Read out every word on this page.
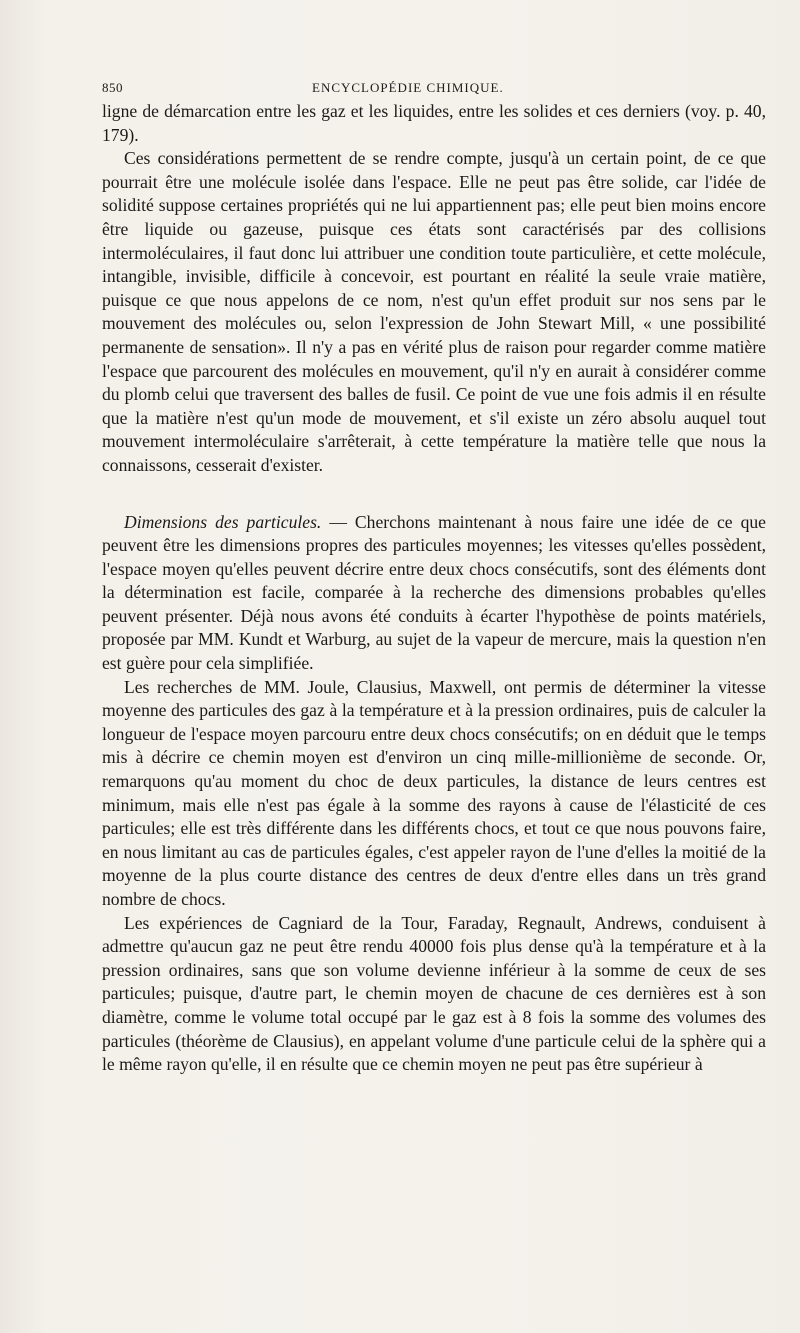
850	ENCYCLOPÉDIE CHIMIQUE.

ligne de démarcation entre les gaz et les liquides, entre les solides et ces derniers (voy. p. 40, 179).

Ces considérations permettent de se rendre compte, jusqu'à un certain point, de ce que pourrait être une molécule isolée dans l'espace. Elle ne peut pas être solide, car l'idée de solidité suppose certaines propriétés qui ne lui appartiennent pas; elle peut bien moins encore être liquide ou gazeuse, puisque ces états sont caractérisés par des collisions intermoléculaires, il faut donc lui attribuer une condition toute particulière, et cette molécule, intangible, invisible, difficile à concevoir, est pourtant en réalité la seule vraie matière, puisque ce que nous appelons de ce nom, n'est qu'un effet produit sur nos sens par le mouvement des molécules ou, selon l'expression de John Stewart Mill, « une possibilité permanente de sensation». Il n'y a pas en vérité plus de raison pour regarder comme matière l'espace que parcourent des molécules en mouvement, qu'il n'y en aurait à considérer comme du plomb celui que traversent des balles de fusil. Ce point de vue une fois admis il en résulte que la matière n'est qu'un mode de mouvement, et s'il existe un zéro absolu auquel tout mouvement intermoléculaire s'arrêterait, à cette température la matière telle que nous la connaissons, cesserait d'exister.

Dimensions des particules. — Cherchons maintenant à nous faire une idée de ce que peuvent être les dimensions propres des particules moyennes; les vitesses qu'elles possèdent, l'espace moyen qu'elles peuvent décrire entre deux chocs consécutifs, sont des éléments dont la détermination est facile, comparée à la recherche des dimensions probables qu'elles peuvent présenter. Déjà nous avons été conduits à écarter l'hypothèse de points matériels, proposée par MM. Kundt et Warburg, au sujet de la vapeur de mercure, mais la question n'en est guère pour cela simplifiée.

Les recherches de MM. Joule, Clausius, Maxwell, ont permis de déterminer la vitesse moyenne des particules des gaz à la température et à la pression ordinaires, puis de calculer la longueur de l'espace moyen parcouru entre deux chocs consécutifs; on en déduit que le temps mis à décrire ce chemin moyen est d'environ un cinq mille-millionième de seconde. Or, remarquons qu'au moment du choc de deux particules, la distance de leurs centres est minimum, mais elle n'est pas égale à la somme des rayons à cause de l'élasticité de ces particules; elle est très différente dans les différents chocs, et tout ce que nous pouvons faire, en nous limitant au cas de particules égales, c'est appeler rayon de l'une d'elles la moitié de la moyenne de la plus courte distance des centres de deux d'entre elles dans un très grand nombre de chocs.

Les expériences de Cagniard de la Tour, Faraday, Regnault, Andrews, conduisent à admettre qu'aucun gaz ne peut être rendu 40000 fois plus dense qu'à la température et à la pression ordinaires, sans que son volume devienne inférieur à la somme de ceux de ses particules; puisque, d'autre part, le chemin moyen de chacune de ces dernières est à son diamètre, comme le volume total occupé par le gaz est à 8 fois la somme des volumes des particules (théorème de Clausius), en appelant volume d'une particule celui de la sphère qui a le même rayon qu'elle, il en résulte que ce chemin moyen ne peut pas être supérieur à
